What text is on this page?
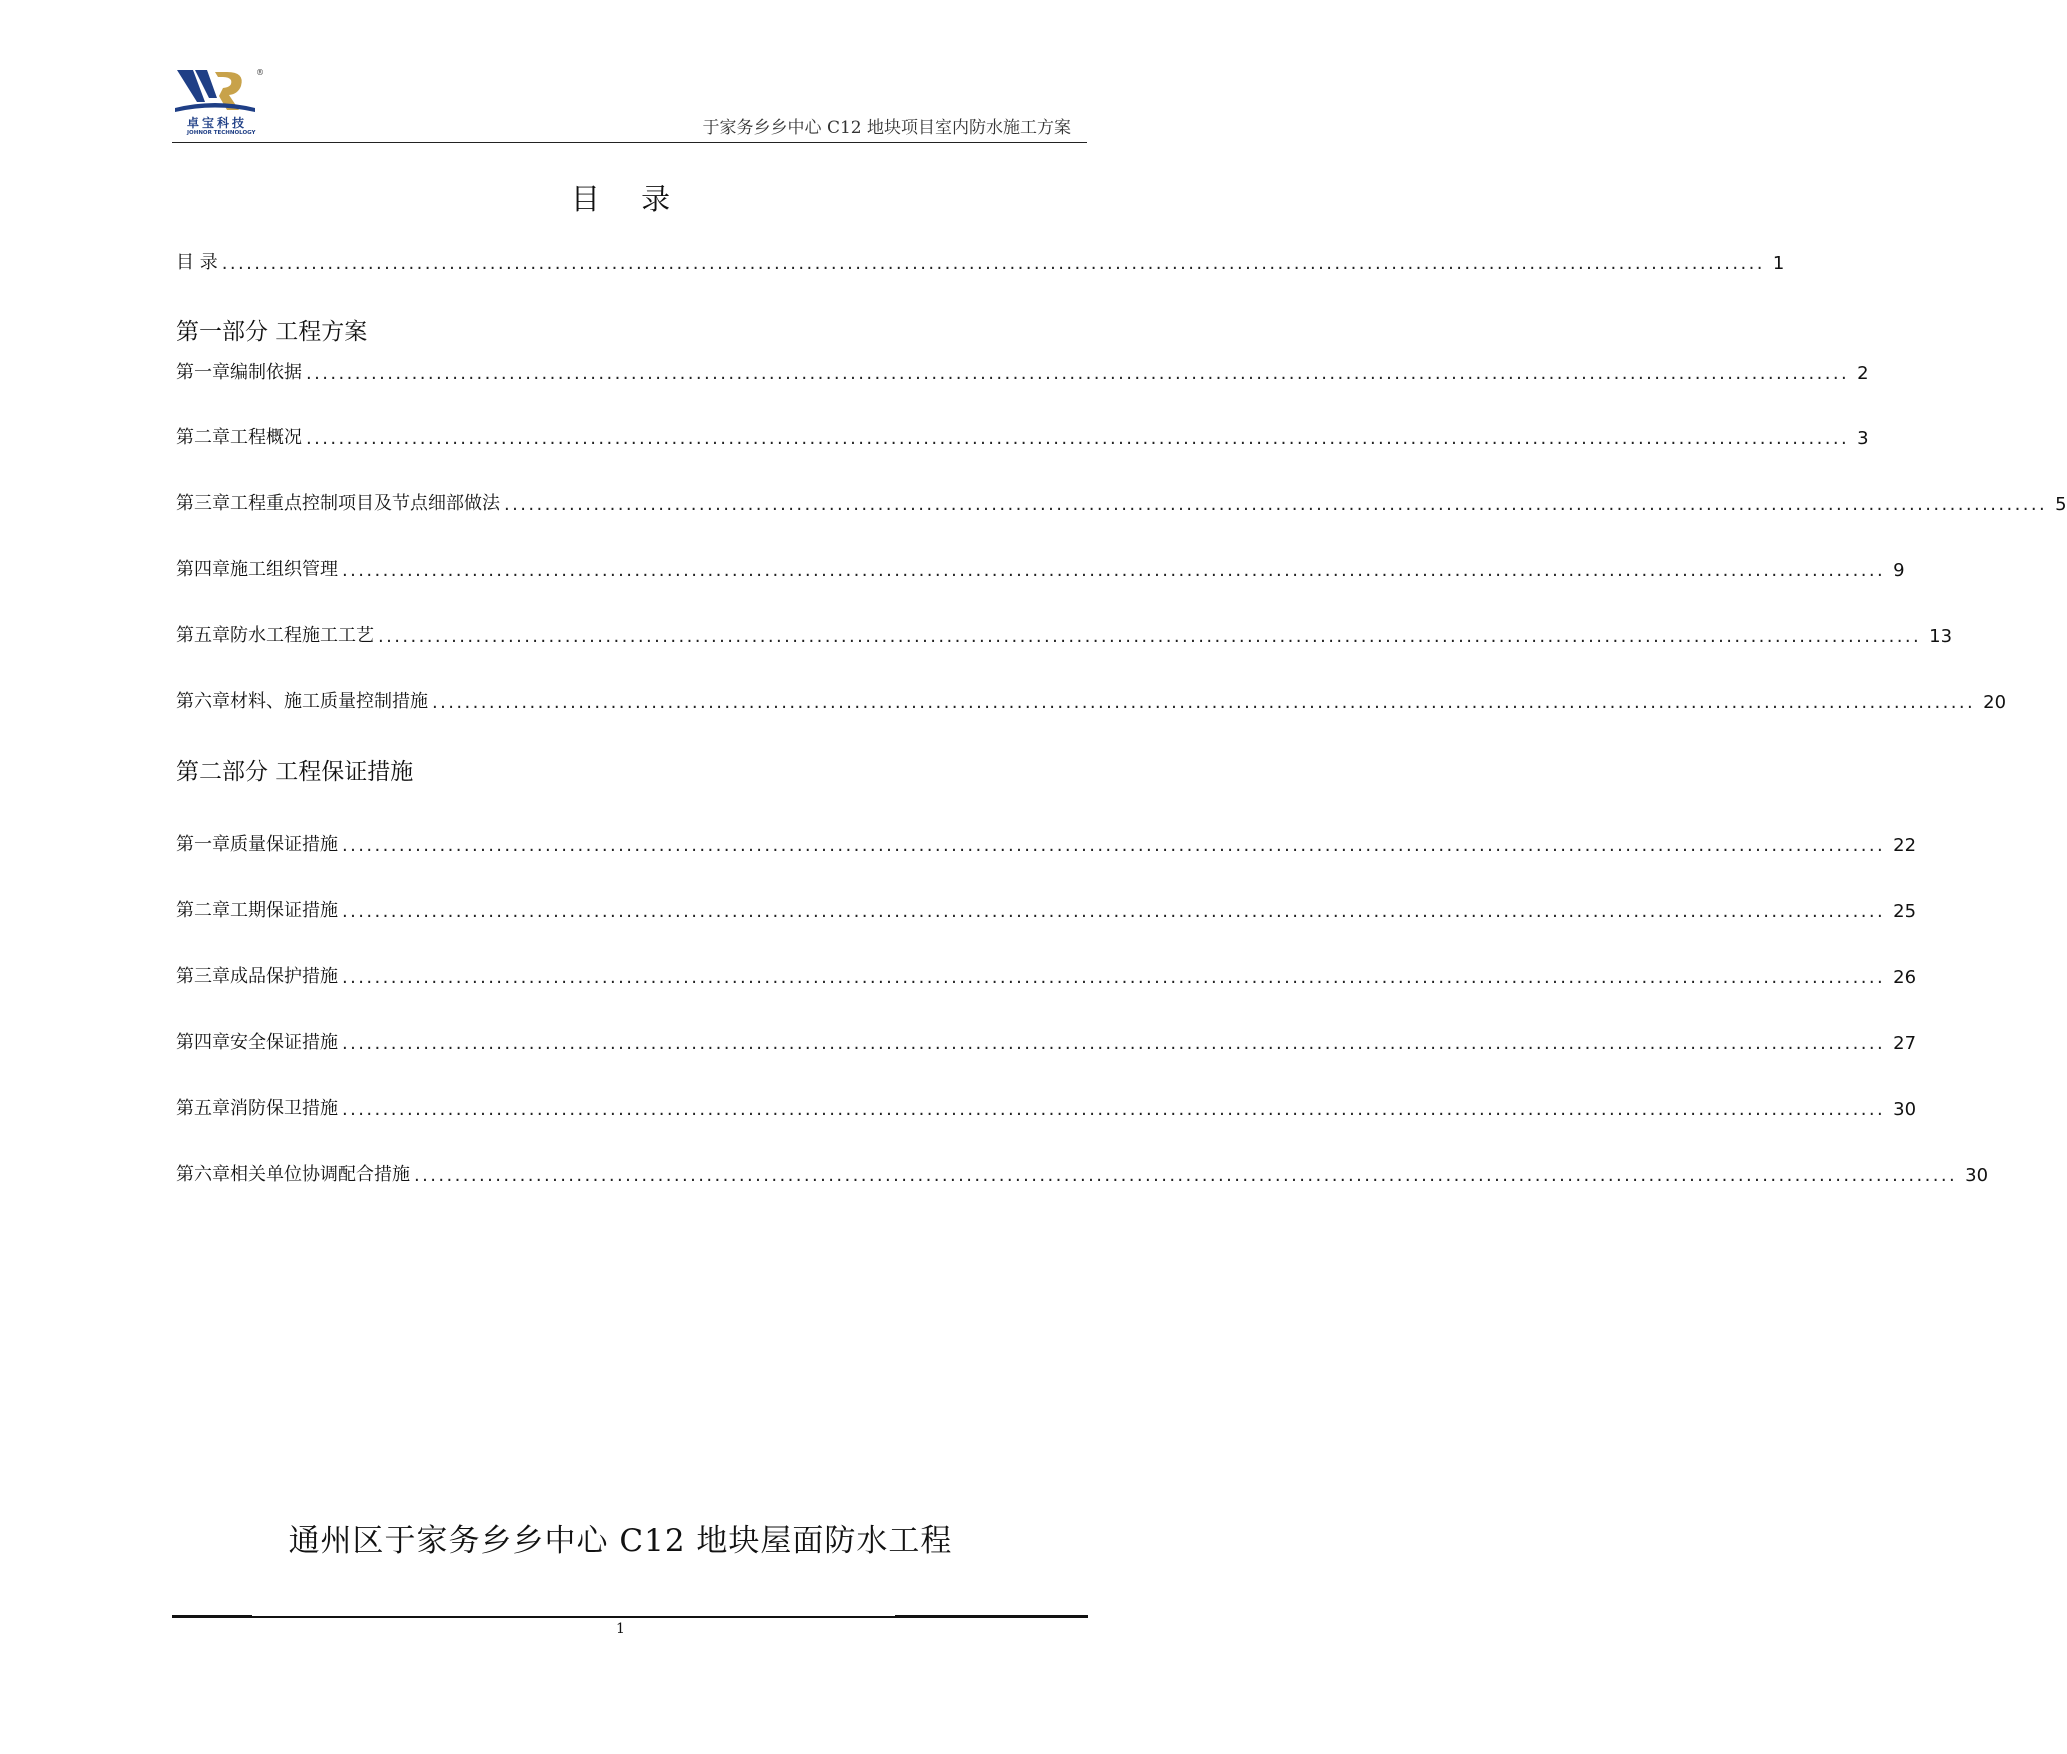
®
卓宝科技
JOHNOR TECHNOLOGY	于家务乡乡中心 C12 地块项目室内防水施工方案
目 录
目 录 .............................................................................................................................................................................................. 1
第一部分 工程方案
第一章 编制依据 .............................................................................................................................................................................................. 2
第二章 工程概况 .............................................................................................................................................................................................. 3
第三章 工程重点控制项目及节点细部做法 .............................................................................................................................................................................................. 5
第四章 施工组织管理 .............................................................................................................................................................................................. 9
第五章 防水工程施工工艺 .............................................................................................................................................................................................. 13
第六章 材料、施工质量控制措施 .............................................................................................................................................................................................. 20
第二部分 工程保证措施
第一章 质量保证措施 .............................................................................................................................................................................................. 22
第二章 工期保证措施 .............................................................................................................................................................................................. 25
第三章 成品保护措施 .............................................................................................................................................................................................. 26
第四章 安全保证措施 .............................................................................................................................................................................................. 27
第五章 消防保卫措施 .............................................................................................................................................................................................. 30
第六章 相关单位协调配合措施 .............................................................................................................................................................................................. 30
通州区于家务乡乡中心 C12 地块屋面防水工程
1
